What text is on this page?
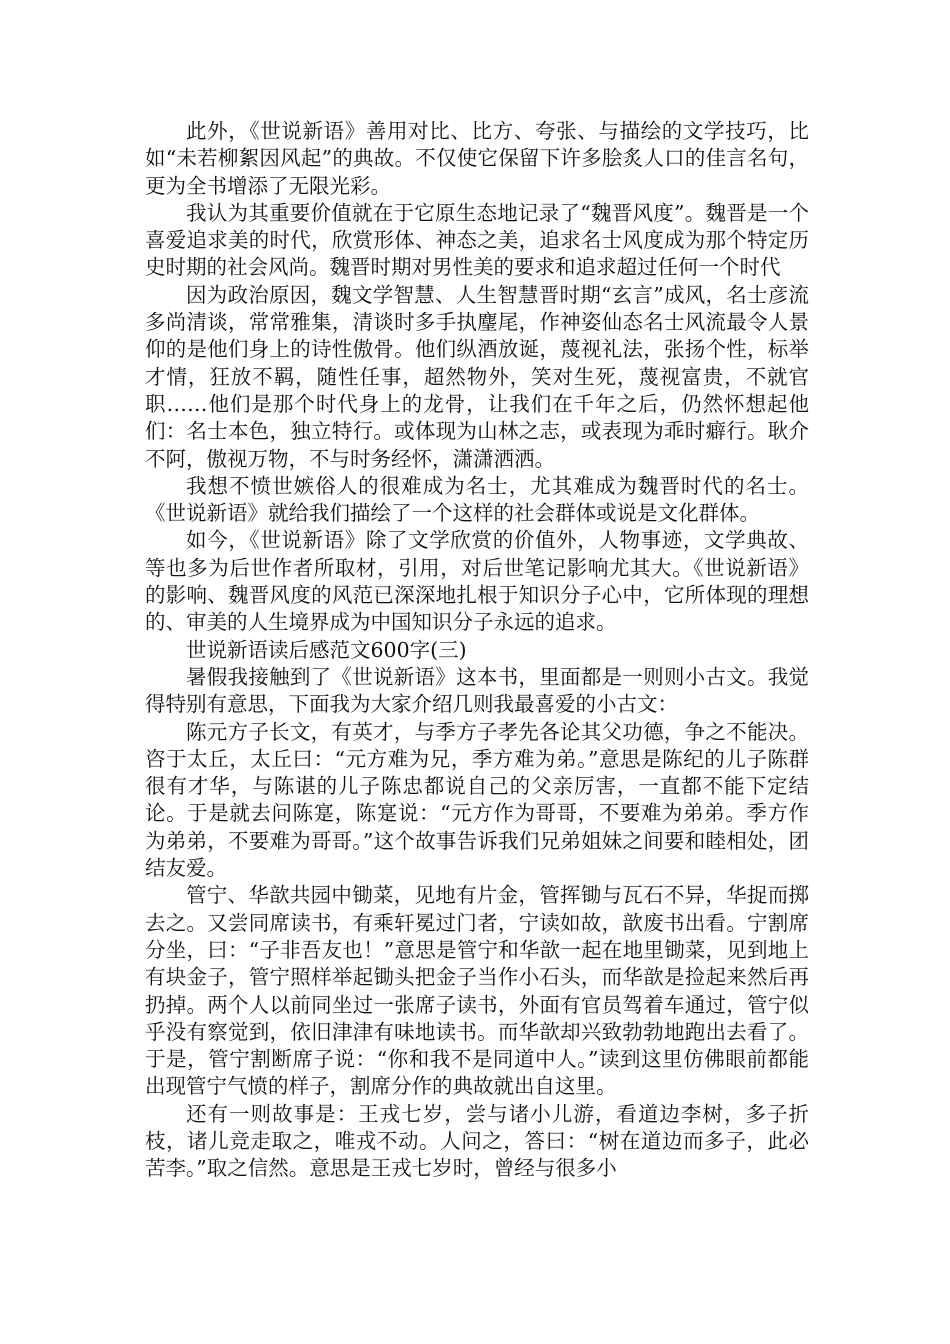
此外，《世说新语》善用对比、比方、夸张、与描绘的文学技巧，比如“未若柳絮因风起”的典故。不仅使它保留下许多脍炙人口的佳言名句，更为全书增添了无限光彩。

我认为其重要价值就在于它原生态地记录了“魏晋风度”。魏晋是一个喜爱追求美的时代，欣赏形体、神态之美，追求名士风度成为那个特定历史时期的社会风尚。魏晋时期对男性美的要求和追求超过任何一个时代

因为政治原因，魏文学智慧、人生智慧晋时期“玄言”成风，名士彦流多尚清谈，常常雅集，清谈时多手执麈尾，作神姿仙态名士风流最令人景仰的是他们身上的诗性傲骨。他们纵酒放诞，蔑视礼法，张扬个性，标举才情，狂放不羁，随性任事，超然物外，笑对生死，蔑视富贵，不就官职……他们是那个时代身上的龙骨，让我们在千年之后，仍然怀想起他们：名士本色，独立特行。或体现为山林之志，或表现为乖时癖行。耿介不阿，傲视万物，不与时务经怀，潇潇洒洒。

我想不愤世嫉俗人的很难成为名士，尤其难成为魏晋时代的名士。《世说新语》就给我们描绘了一个这样的社会群体或说是文化群体。

如今，《世说新语》除了文学欣赏的价值外，人物事迹，文学典故、等也多为后世作者所取材，引用，对后世笔记影响尤其大。《世说新语》的影响、魏晋风度的风范已深深地扎根于知识分子心中，它所体现的理想的、审美的人生境界成为中国知识分子永远的追求。

世说新语读后感范文600字(三)

暑假我接触到了《世说新语》这本书，里面都是一则则小古文。我觉得特别有意思，下面我为大家介绍几则我最喜爱的小古文：

陈元方子长文，有英才，与季方子孝先各论其父功德，争之不能决。咨于太丘，太丘曰：“元方难为兄，季方难为弟。”意思是陈纪的儿子陈群很有才华，与陈谌的儿子陈忠都说自己的父亲厉害，一直都不能下定结论。于是就去问陈寔，陈寔说：“元方作为哥哥，不要难为弟弟。季方作为弟弟，不要难为哥哥。”这个故事告诉我们兄弟姐妹之间要和睦相处，团结友爱。

管宁、华歆共园中锄菜，见地有片金，管挥锄与瓦石不异，华捉而掷去之。又尝同席读书，有乘轩冕过门者，宁读如故，歆废书出看。宁割席分坐，曰：“子非吾友也！”意思是管宁和华歆一起在地里锄菜，见到地上有块金子，管宁照样举起锄头把金子当作小石头，而华歆是捡起来然后再扔掉。两个人以前同坐过一张席子读书，外面有官员驾着车通过，管宁似乎没有察觉到，依旧津津有味地读书。而华歆却兴致勃勃地跑出去看了。于是，管宁割断席子说：“你和我不是同道中人。”读到这里仿佛眼前都能出现管宁气愤的样子，割席分作的典故就出自这里。

还有一则故事是：王戎七岁，尝与诸小儿游，看道边李树，多子折枝，诸儿竞走取之，唯戎不动。人问之，答曰：“树在道边而多子，此必苦李。”取之信然。意思是王戎七岁时，曾经与很多小
